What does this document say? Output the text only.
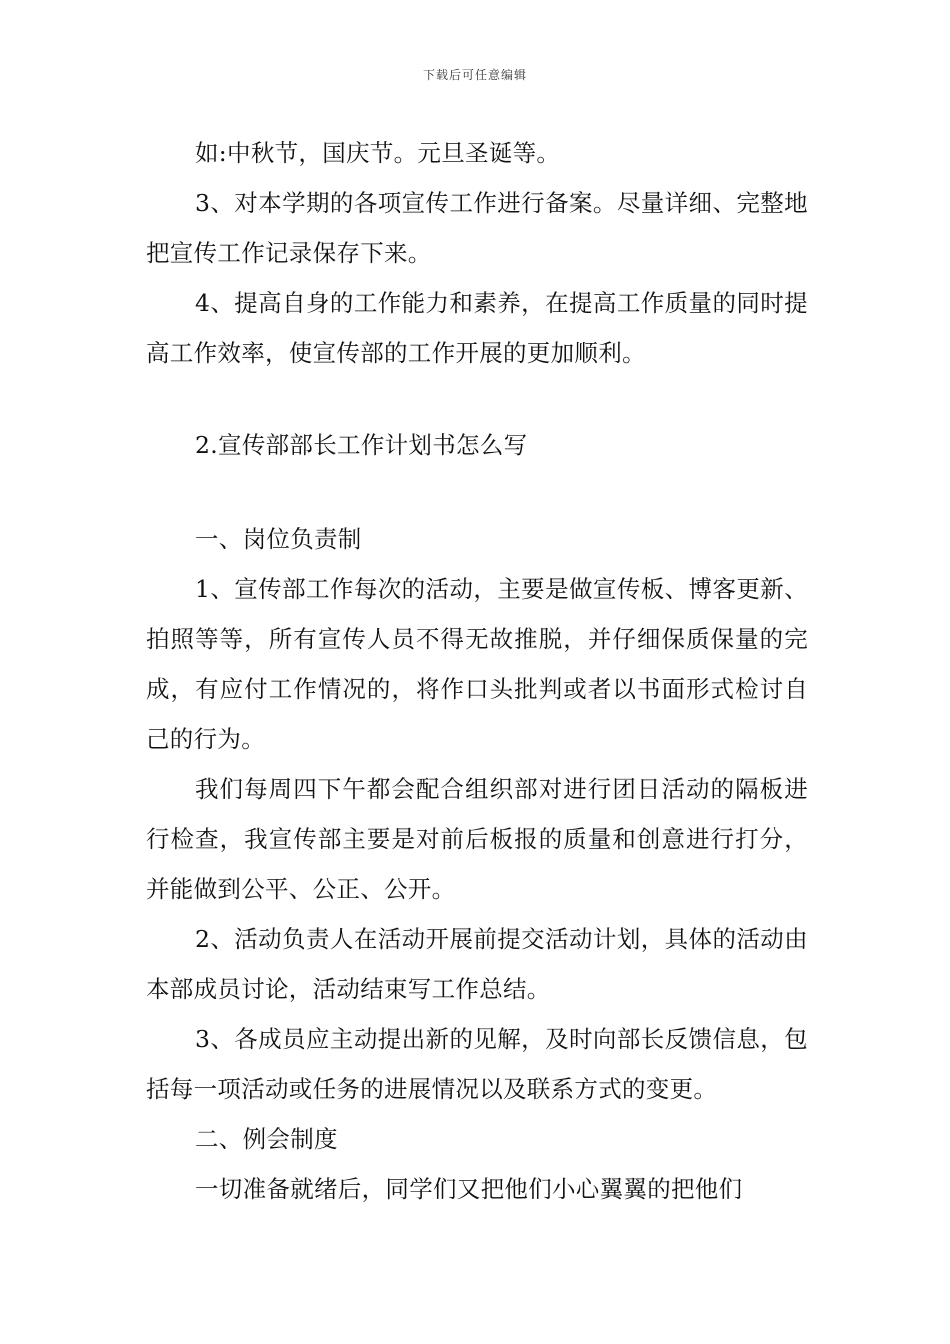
下载后可任意编辑

如:中秋节，国庆节。元旦圣诞等。

3、对本学期的各项宣传工作进行备案。尽量详细、完整地把宣传工作记录保存下来。

4、提高自身的工作能力和素养，在提高工作质量的同时提高工作效率，使宣传部的工作开展的更加顺利。

2.宣传部部长工作计划书怎么写

一、岗位负责制

1、宣传部工作每次的活动，主要是做宣传板、博客更新、拍照等等，所有宣传人员不得无故推脱，并仔细保质保量的完成，有应付工作情况的，将作口头批判或者以书面形式检讨自己的行为。

我们每周四下午都会配合组织部对进行团日活动的隔板进行检查，我宣传部主要是对前后板报的质量和创意进行打分，并能做到公平、公正、公开。

2、活动负责人在活动开展前提交活动计划，具体的活动由本部成员讨论，活动结束写工作总结。

3、各成员应主动提出新的见解，及时向部长反馈信息，包括每一项活动或任务的进展情况以及联系方式的变更。

二、例会制度

一切准备就绪后，同学们又把他们小心翼翼的把他们
